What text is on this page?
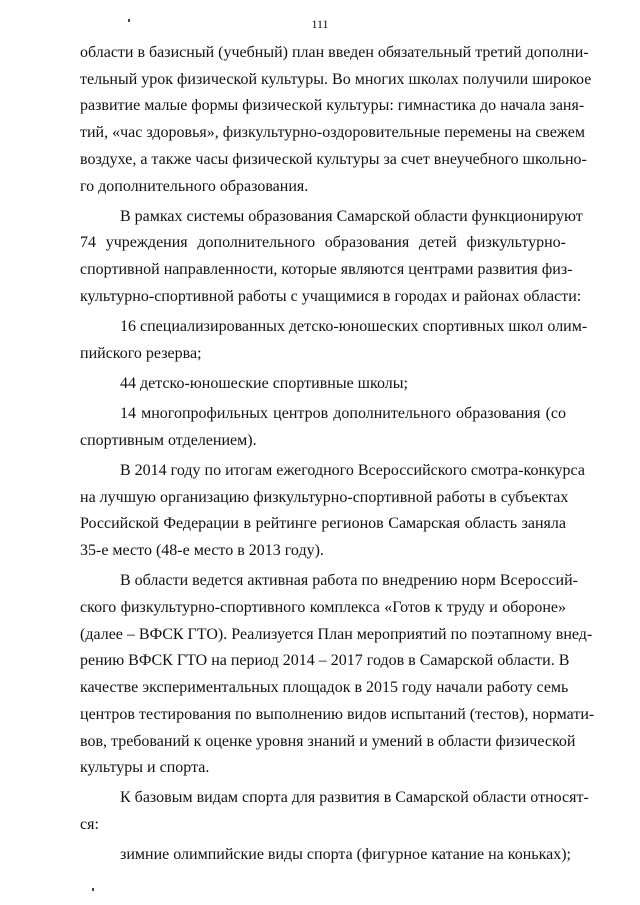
111

области в базисный (учебный) план введен обязательный третий дополни-
тельный урок физической культуры. Во многих школах получили широкое
развитие малые формы физической культуры: гимнастика до начала заня-
тий, «час здоровья», физкультурно-оздоровительные перемены на свежем
воздухе, а также часы физической культуры за счет внеучебного школьно-
го дополнительного образования.

В рамках системы образования Самарской области функционируют
74 учреждения дополнительного образования детей физкультурно-
спортивной направленности, которые являются центрами развития физ-
культурно-спортивной работы с учащимися в городах и районах области:

16 специализированных детско-юношеских спортивных школ олим-
пийского резерва;

44 детско-юношеские спортивные школы;

14 многопрофильных центров дополнительного образования (со
спортивным отделением).

В 2014 году по итогам ежегодного Всероссийского смотра-конкурса
на лучшую организацию физкультурно-спортивной работы в субъектах
Российской Федерации в рейтинге регионов Самарская область заняла
35-е место (48-е место в 2013 году).

В области ведется активная работа по внедрению норм Всероссий-
ского физкультурно-спортивного комплекса «Готов к труду и обороне»
(далее – ВФСК ГТО). Реализуется План мероприятий по поэтапному внед-
рению ВФСК ГТО на период 2014 – 2017 годов в Самарской области. В
качестве экспериментальных площадок в 2015 году начали работу семь
центров тестирования по выполнению видов испытаний (тестов), нормати-
вов, требований к оценке уровня знаний и умений в области физической
культуры и спорта.

К базовым видам спорта для развития в Самарской области относят-
ся:

зимние олимпийские виды спорта (фигурное катание на коньках);
